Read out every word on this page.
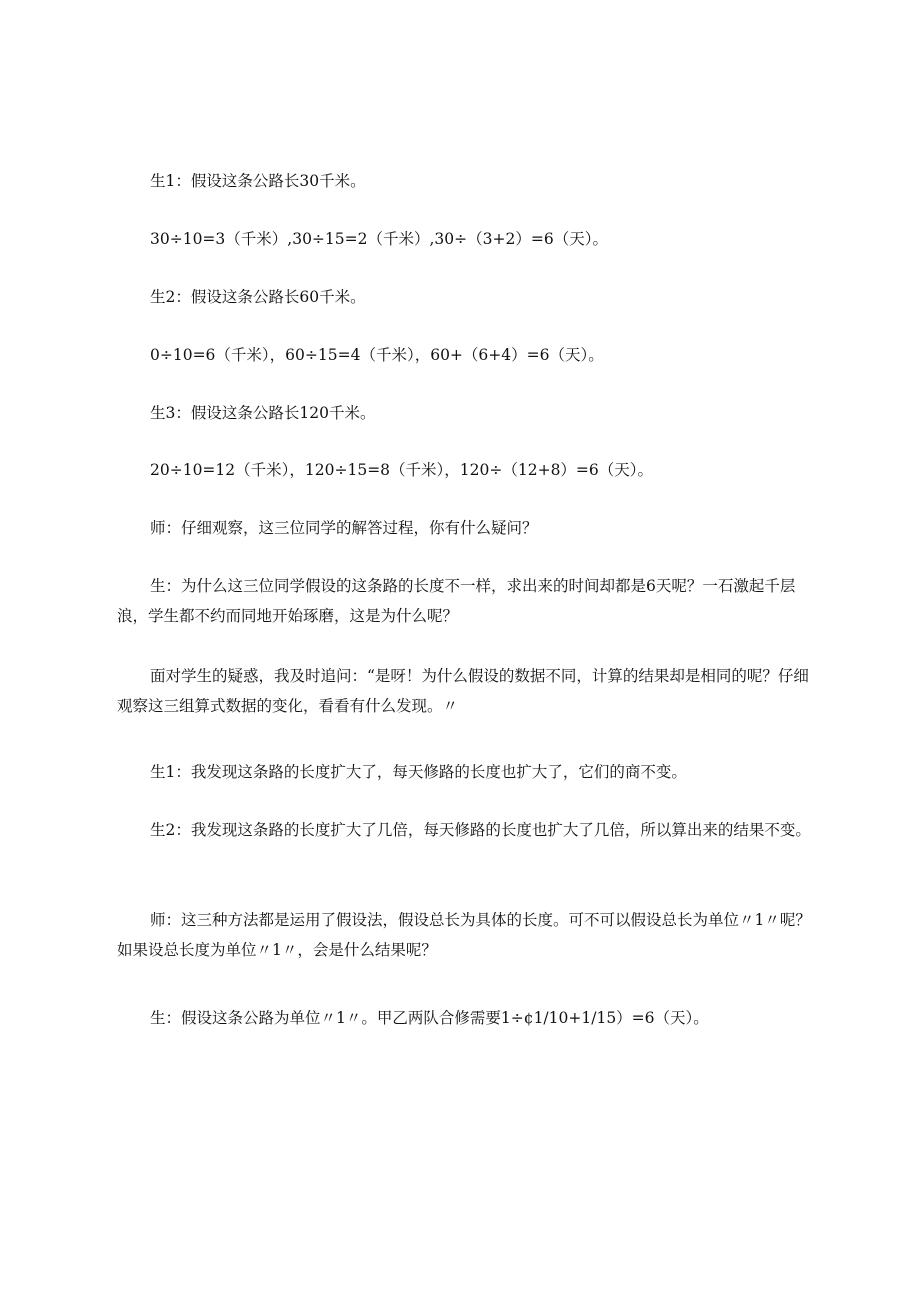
生1：假设这条公路长30千米。

30÷10=3（千米）,30÷15=2（千米）,30÷（3+2）=6（天）。

生2：假设这条公路长60千米。

0÷10=6（千米），60÷15=4（千米），60+（6+4）=6（天）。

生3：假设这条公路长120千米。

20÷10=12（千米），120÷15=8（千米），120÷（12+8）=6（天）。

师：仔细观察，这三位同学的解答过程，你有什么疑问？

生：为什么这三位同学假设的这条路的长度不一样，求出来的时间却都是6天呢？一石激起千层浪，学生都不约而同地开始琢磨，这是为什么呢？

面对学生的疑惑，我及时追问：“是呀！为什么假设的数据不同，计算的结果却是相同的呢？仔细观察这三组算式数据的变化，看看有什么发现。〃

生1：我发现这条路的长度扩大了，每天修路的长度也扩大了，它们的商不变。

生2：我发现这条路的长度扩大了几倍，每天修路的长度也扩大了几倍，所以算出来的结果不变。

师：这三种方法都是运用了假设法，假设总长为具体的长度。可不可以假设总长为单位〃1〃呢？如果设总长度为单位〃1〃，会是什么结果呢？

生：假设这条公路为单位〃1〃。甲乙两队合修需要1÷¢1/10+1/15）=6（天）。
